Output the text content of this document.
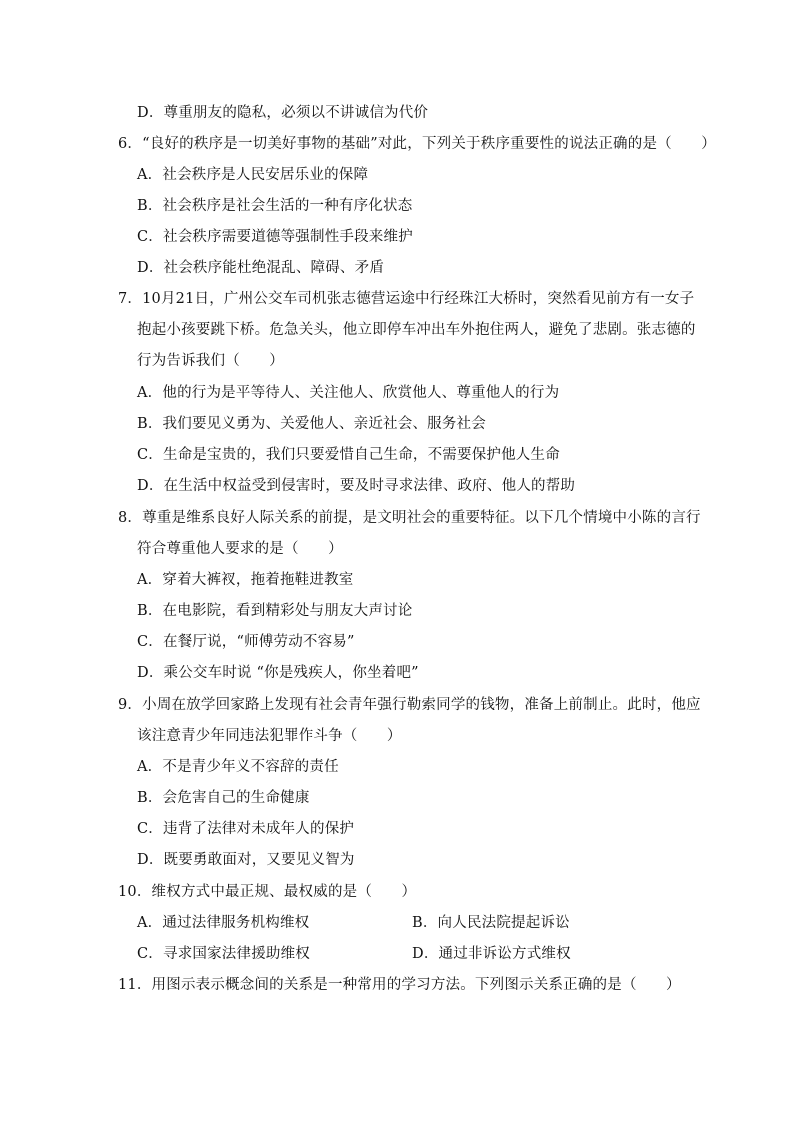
D．尊重朋友的隐私，必须以不讲诚信为代价
6．“良好的秩序是一切美好事物的基础”对此，下列关于秩序重要性的说法正确的是（　　）
A．社会秩序是人民安居乐业的保障
B．社会秩序是社会生活的一种有序化状态
C．社会秩序需要道德等强制性手段来维护
D．社会秩序能杜绝混乱、障碍、矛盾
7．10月21日，广州公交车司机张志德营运途中行经珠江大桥时，突然看见前方有一女子
抱起小孩要跳下桥。危急关头，他立即停车冲出车外抱住两人，避免了悲剧。张志德的
行为告诉我们（　　）
A．他的行为是平等待人、关注他人、欣赏他人、尊重他人的行为
B．我们要见义勇为、关爱他人、亲近社会、服务社会
C．生命是宝贵的，我们只要爱惜自己生命，不需要保护他人生命
D．在生活中权益受到侵害时，要及时寻求法律、政府、他人的帮助
8．尊重是维系良好人际关系的前提，是文明社会的重要特征。以下几个情境中小陈的言行
符合尊重他人要求的是（　　）
A．穿着大裤衩，拖着拖鞋进教室
B．在电影院，看到精彩处与朋友大声讨论
C．在餐厅说，“师傅劳动不容易”
D．乘公交车时说 “你是残疾人，你坐着吧”
9．小周在放学回家路上发现有社会青年强行勒索同学的钱物，准备上前制止。此时，他应
该注意青少年同违法犯罪作斗争（　　）
A．不是青少年义不容辞的责任
B．会危害自己的生命健康
C．违背了法律对未成年人的保护
D．既要勇敢面对，又要见义智为
10．维权方式中最正规、最权威的是（　　）
A．通过法律服务机构维权	B．向人民法院提起诉讼
C．寻求国家法律援助维权	D．通过非诉讼方式维权
11．用图示表示概念间的关系是一种常用的学习方法。下列图示关系正确的是（　　）
